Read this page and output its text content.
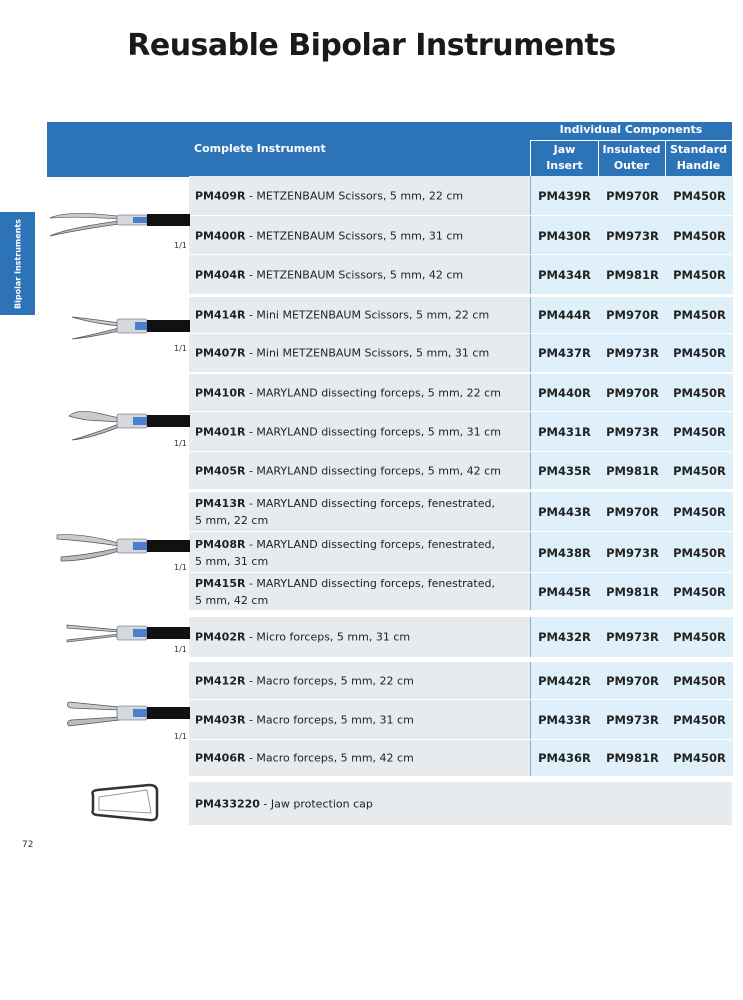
Reusable Bipolar Instruments
Bipolar Instruments
Complete Instrument
Individual Components
Jaw
Insert
Insulated
Outer
Standard
Handle
PM409R - METZENBAUM Scissors, 5 mm, 22 cm	PM439R	PM970R	PM450R
PM400R - METZENBAUM Scissors, 5 mm, 31 cm	PM430R	PM973R	PM450R
PM404R - METZENBAUM Scissors, 5 mm, 42 cm	PM434R	PM981R	PM450R
PM414R - Mini METZENBAUM Scissors, 5 mm, 22 cm	PM444R	PM970R	PM450R
PM407R - Mini METZENBAUM Scissors, 5 mm, 31 cm	PM437R	PM973R	PM450R
PM410R - MARYLAND dissecting forceps, 5 mm, 22 cm	PM440R	PM970R	PM450R
PM401R - MARYLAND dissecting forceps, 5 mm, 31 cm	PM431R	PM973R	PM450R
PM405R - MARYLAND dissecting forceps, 5 mm, 42 cm	PM435R	PM981R	PM450R
PM413R - MARYLAND dissecting forceps, fenestrated,
5 mm, 22 cm
PM443R	PM970R	PM450R
PM408R - MARYLAND dissecting forceps, fenestrated,
5 mm, 31 cm
PM438R	PM973R	PM450R
PM415R - MARYLAND dissecting forceps, fenestrated,
5 mm, 42 cm
PM445R	PM981R	PM450R
PM402R - Micro forceps, 5 mm, 31 cm	PM432R	PM973R	PM450R
PM412R - Macro forceps, 5 mm, 22 cm	PM442R	PM970R	PM450R
PM403R - Macro forceps, 5 mm, 31 cm	PM433R	PM973R	PM450R
PM406R - Macro forceps, 5 mm, 42 cm	PM436R	PM981R	PM450R
PM433220 - Jaw protection cap
1/1
1/1
1/1
1/1
1/1
1/1
72
